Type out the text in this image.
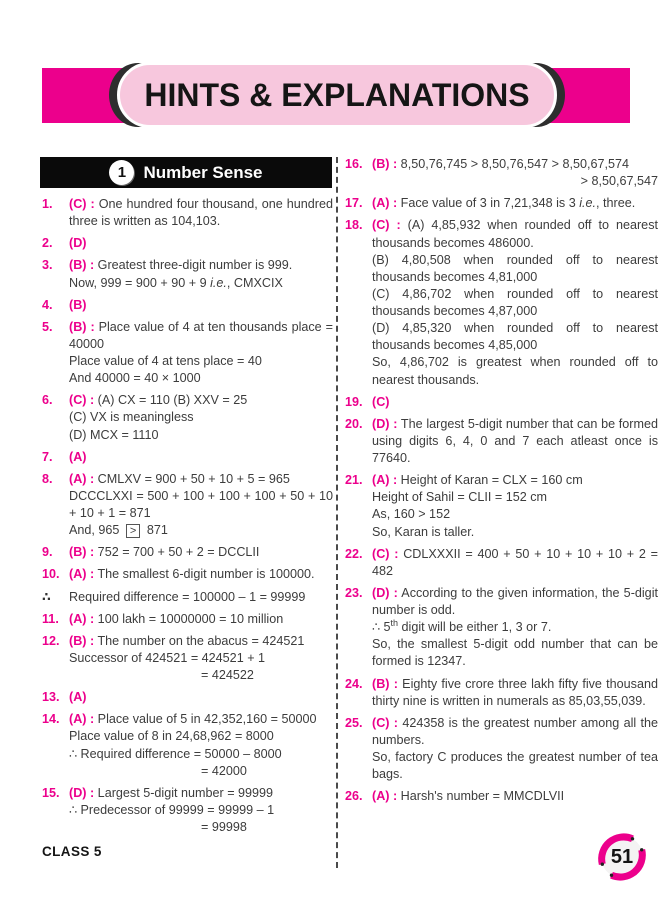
HINTS & EXPLANATIONS
1	Number Sense
1.	(C) : One hundred four thousand, one hundred three is written as 104,103.
2.	(D)
3.	(B) : Greatest three-digit number is 999.
Now, 999 = 900 + 90 + 9 i.e., CMXCIX
4.	(B)
5.	(B) : Place value of 4 at ten thousands place = 40000
Place value of 4 at tens place = 40
And 40000 = 40 × 1000
6.	(C) : (A) CX = 110 (B) XXV = 25
(C) VX is meaningless
(D) MCX = 1110
7.	(A)
8.	(A) : CMLXV = 900 + 50 + 10 + 5 = 965
DCCCLXXI = 500 + 100 + 100 + 100 + 50 + 10 + 10 + 1 = 871
And, 965 > 871
9.	(B) : 752 = 700 + 50 + 2 = DCCLII
10. (A) : The smallest 6-digit number is 100000.
∴	Required difference = 100000 – 1 = 99999
11. (A) : 100 lakh = 10000000 = 10 million
12. (B) : The number on the abacus = 424521
Successor of 424521 = 424521 + 1
= 424522
13. (A)
14. (A) : Place value of 5 in 42,352,160 = 50000
Place value of 8 in 24,68,962 = 8000
∴ Required difference = 50000 – 8000
= 42000
15. (D) : Largest 5-digit number = 99999
∴ Predecessor of 99999 = 99999 – 1
= 99998
16. (B) : 8,50,76,745 > 8,50,76,547 > 8,50,67,574
> 8,50,67,547
17. (A) : Face value of 3 in 7,21,348 is 3 i.e., three.
18. (C) : (A) 4,85,932 when rounded off to nearest thousands becomes 486000.
(B) 4,80,508 when rounded off to nearest thousands becomes 4,81,000
(C) 4,86,702 when rounded off to nearest thousands becomes 4,87,000
(D) 4,85,320 when rounded off to nearest thousands becomes 4,85,000
So, 4,86,702 is greatest when rounded off to nearest thousands.
19. (C)
20. (D) : The largest 5-digit number that can be formed using digits 6, 4, 0 and 7 each atleast once is 77640.
21. (A) : Height of Karan = CLX = 160 cm
Height of Sahil = CLII = 152 cm
As, 160 > 152
So, Karan is taller.
22. (C) : CDLXXXII = 400 + 50 + 10 + 10 + 10 + 2 = 482
23. (D) : According to the given information, the 5-digit number is odd.
∴ 5th digit will be either 1, 3 or 7.
So, the smallest 5-digit odd number that can be formed is 12347.
24. (B) : Eighty five crore three lakh fifty five thousand thirty nine is written in numerals as 85,03,55,039.
25. (C) : 424358 is the greatest number among all the numbers.
So, factory C produces the greatest number of tea bags.
26. (A) : Harsh's number = MMCDLVII
CLASS 5	51
